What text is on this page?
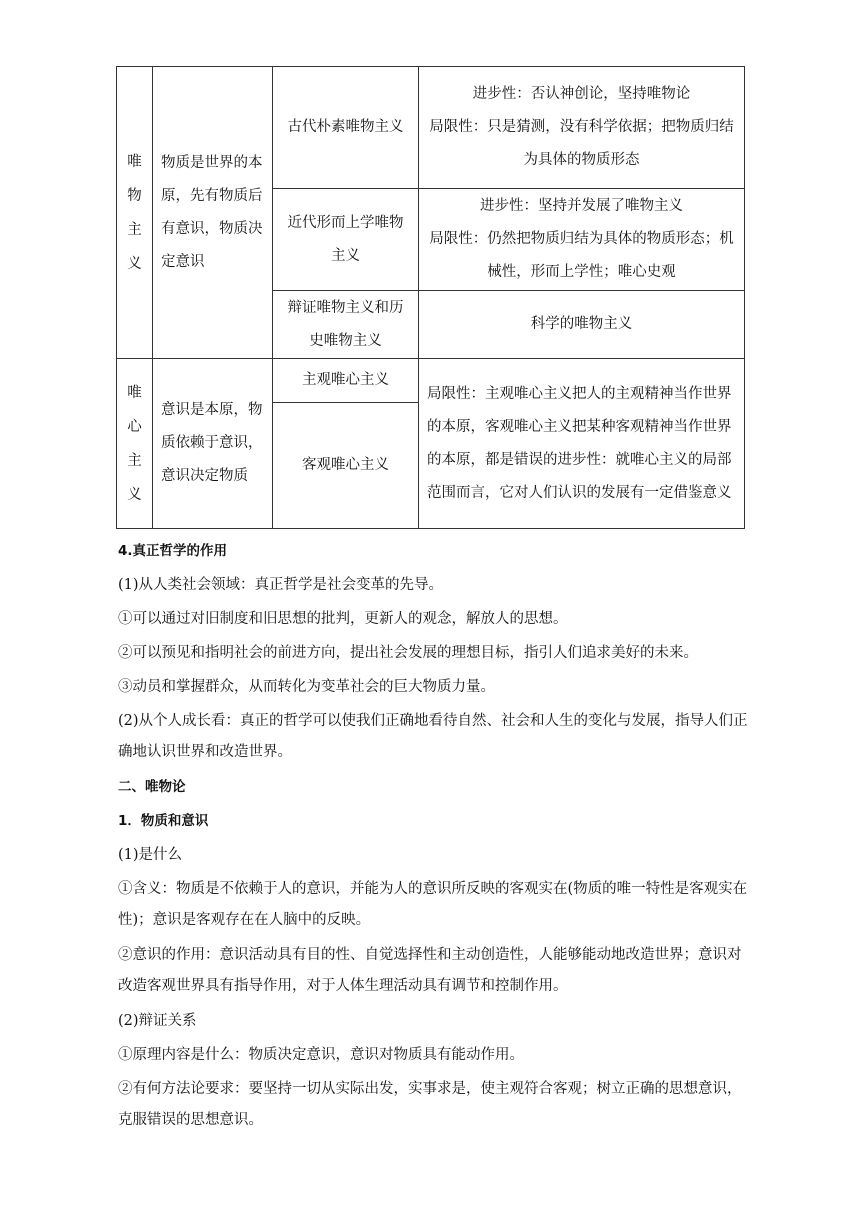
唯
物
主
义	物质是世界的本原，先有物质后有意识，物质决定意识	古代朴素唯物主义	进步性：否认神创论，坚持唯物论
局限性：只是猜测，没有科学依据；把物质归结为具体的物质形态
		近代形而上学唯物主义	进步性：坚持并发展了唯物主义
局限性：仍然把物质归结为具体的物质形态；机械性，形而上学性；唯心史观
		辩证唯物主义和历史唯物主义	科学的唯物主义

唯
心
主
义	意识是本原，物质依赖于意识，意识决定物质	主观唯心主义	局限性：主观唯心主义把人的主观精神当作世界的本原，客观唯心主义把某种客观精神当作世界的本原，都是错误的进步性：就唯心主义的局部范围而言，它对人们认识的发展有一定借鉴意义
		客观唯心主义	

4.真正哲学的作用

(1)从人类社会领域：真正哲学是社会变革的先导。

①可以通过对旧制度和旧思想的批判，更新人的观念，解放人的思想。

②可以预见和指明社会的前进方向，提出社会发展的理想目标，指引人们追求美好的未来。

③动员和掌握群众，从而转化为变革社会的巨大物质力量。

(2)从个人成长看：真正的哲学可以使我们正确地看待自然、社会和人生的变化与发展，指导人们正确地认识世界和改造世界。

二、唯物论

1．物质和意识

(1)是什么

①含义：物质是不依赖于人的意识，并能为人的意识所反映的客观实在(物质的唯一特性是客观实在性)；意识是客观存在在人脑中的反映。

②意识的作用：意识活动具有目的性、自觉选择性和主动创造性，人能够能动地改造世界；意识对改造客观世界具有指导作用，对于人体生理活动具有调节和控制作用。

(2)辩证关系

①原理内容是什么：物质决定意识，意识对物质具有能动作用。

②有何方法论要求：要坚持一切从实际出发，实事求是，使主观符合客观；树立正确的思想意识，克服错误的思想意识。
